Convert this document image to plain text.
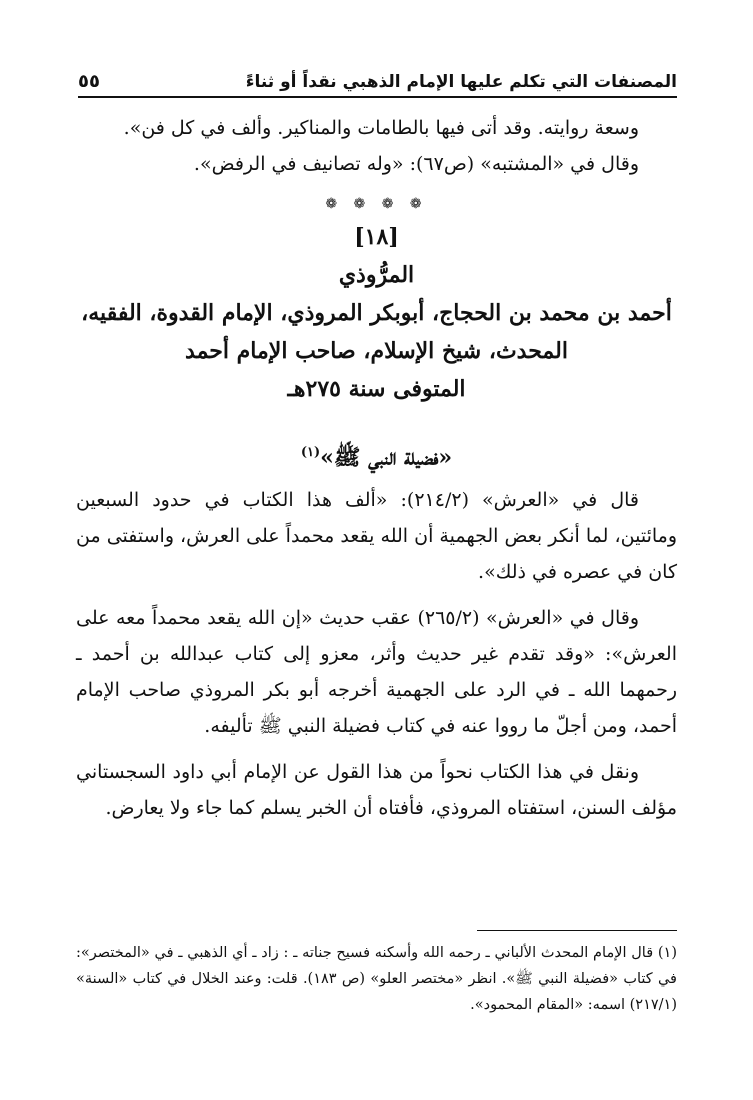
المصنفات التي تكلم عليها الإمام الذهبي نقداً أو ثناءً
٥٥

وسعة روايته. وقد أتى فيها بالطامات والمناكير. وألف في كل فن».

وقال في «المشتبه» (ص٦٧): «وله تصانيف في الرفض».

❁ ❁ ❁ ❁
[١٨]
المرُّوذي
أحمد بن محمد بن الحجاج، أبوبكر المروذي، الإمام القدوة، الفقيه، المحدث، شيخ الإسلام، صاحب الإمام أحمد
المتوفى سنة ٢٧٥هـ
«فضيلة النبي ﷺ»$^{(١)}$

قال في «العرش» (٢١٤/٢): «ألف هذا الكتاب في حدود السبعين ومائتين، لما أنكر بعض الجهمية أن الله يقعد محمداً على العرش، واستفتى من كان في عصره في ذلك».

وقال في «العرش» (٢٦٥/٢) عقب حديث «إن الله يقعد محمداً معه على العرش»: «وقد تقدم غير حديث وأثر، معزو إلى كتاب عبدالله بن أحمد ـ رحمهما الله ـ في الرد على الجهمية أخرجه أبو بكر المروذي صاحب الإمام أحمد، ومن أجلّ ما رووا عنه في كتاب فضيلة النبي ﷺ تأليفه.

ونقل في هذا الكتاب نحواً من هذا القول عن الإمام أبي داود السجستاني مؤلف السنن، استفتاه المروذي، فأفتاه أن الخبر يسلم كما جاء ولا يعارض.

(١) قال الإمام المحدث الألباني ـ رحمه الله وأسكنه فسيح جناته ـ : زاد ـ أي الذهبي ـ في «المختصر»: في كتاب «فضيلة النبي ﷺ». انظر «مختصر العلو» (ص ١٨٣). قلت: وعند الخلال في كتاب «السنة» (٢١٧/١) اسمه: «المقام المحمود».
